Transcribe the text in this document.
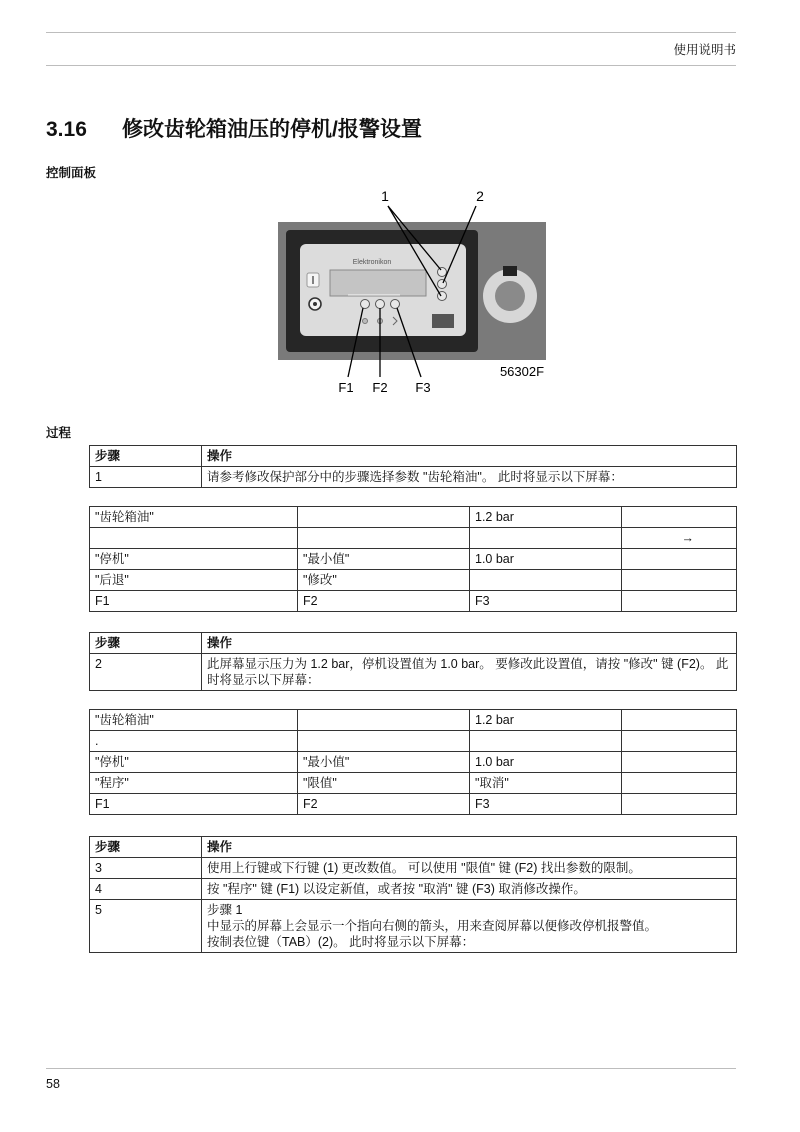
使用说明书
3.16 修改齿轮箱油压的停机/报警设置
控制面板
1	2
Elektronikon
56302F
F1 F2 F3
过程
步骤	操作
1	请参考修改保护部分中的步骤选择参数 "齿轮箱油"。 此时将显示以下屏幕：
"齿轮箱油"		1.2 bar	
			→
"停机"	"最小值"	1.0 bar	
"后退"	"修改"		
F1	F2	F3	
步骤	操作
2	此屏幕显示压力为 1.2 bar，停机设置值为 1.0 bar。 要修改此设置值，请按 "修改" 键 (F2)。 此时将显示以下屏幕：
"齿轮箱油"		1.2 bar	
.			
"停机"	"最小值"	1.0 bar	
"程序"	"限值"	"取消"	
F1	F2	F3	
步骤	操作
3	使用上行键或下行键 (1) 更改数值。 可以使用 "限值" 键 (F2) 找出参数的限制。
4	按 "程序" 键 (F1) 以设定新值，或者按 "取消" 键 (F3) 取消修改操作。
5	步骤 1
中显示的屏幕上会显示一个指向右侧的箭头，用来查阅屏幕以便修改停机报警值。
按制表位键（TAB）(2)。 此时将显示以下屏幕：
58
